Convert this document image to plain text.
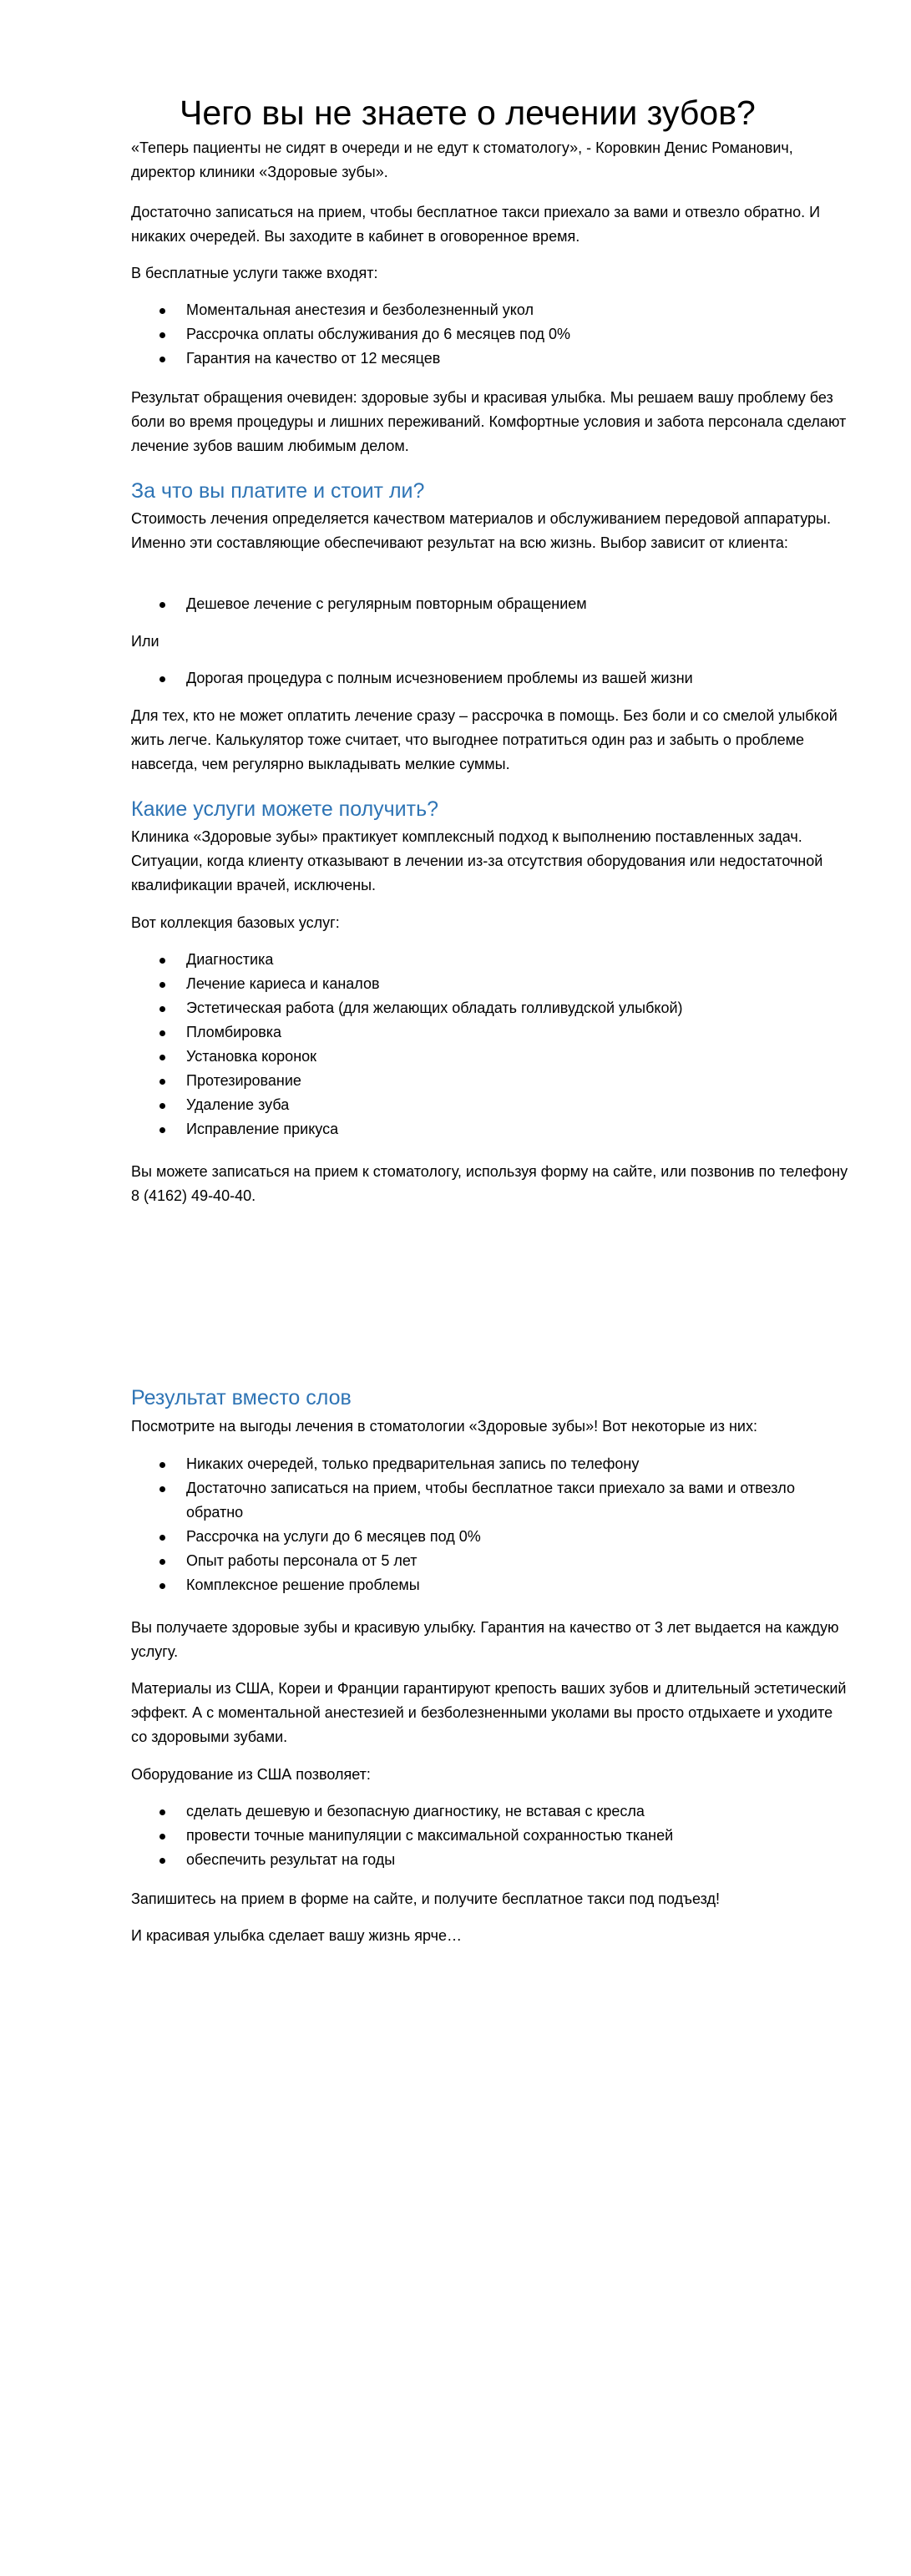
Чего вы не знаете о лечении зубов?

«Теперь пациенты не сидят в очереди и не едут к стоматологу», - Коровкин Денис Романович, директор клиники «Здоровые зубы».

Достаточно записаться на прием, чтобы бесплатное такси приехало за вами и отвезло обратно. И никаких очередей. Вы заходите в кабинет в оговоренное время.

В бесплатные услуги также входят:

Моментальная анестезия и безболезненный укол
Рассрочка оплаты обслуживания до 6 месяцев под 0%
Гарантия на качество от 12 месяцев

Результат обращения очевиден: здоровые зубы и красивая улыбка. Мы решаем вашу проблему без боли во время процедуры и лишних переживаний. Комфортные условия и забота персонала сделают лечение зубов вашим любимым делом.

За что вы платите и стоит ли?

Стоимость лечения определяется качеством материалов и обслуживанием передовой аппаратуры. Именно эти составляющие обеспечивают результат на всю жизнь. Выбор зависит от клиента:

Дешевое лечение с регулярным повторным обращением

Или

Дорогая процедура с полным исчезновением проблемы из вашей жизни

Для тех, кто не может оплатить лечение сразу – рассрочка в помощь. Без боли и со смелой улыбкой жить легче. Калькулятор тоже считает, что выгоднее потратиться один раз и забыть о проблеме навсегда, чем регулярно выкладывать мелкие суммы.

Какие услуги можете получить?

Клиника «Здоровые зубы» практикует комплексный подход к выполнению поставленных задач. Ситуации, когда клиенту отказывают в лечении из-за отсутствия оборудования или недостаточной квалификации врачей, исключены.

Вот коллекция базовых услуг:

Диагностика
Лечение кариеса и каналов
Эстетическая работа (для желающих обладать голливудской улыбкой)
Пломбировка
Установка коронок
Протезирование
Удаление зуба
Исправление прикуса

Вы можете записаться на прием к стоматологу, используя форму на сайте, или позвонив по телефону 8 (4162) 49-40-40.

Результат вместо слов

Посмотрите на выгоды лечения в стоматологии «Здоровые зубы»! Вот некоторые из них:

Никаких очередей, только предварительная запись по телефону
Достаточно записаться на прием, чтобы бесплатное такси приехало за вами и отвезло обратно
Рассрочка на услуги до 6 месяцев под 0%
Опыт работы персонала от 5 лет
Комплексное решение проблемы

Вы получаете здоровые зубы и красивую улыбку. Гарантия на качество от 3 лет выдается на каждую услугу.

Материалы из США, Кореи и Франции гарантируют крепость ваших зубов и длительный эстетический эффект. А с моментальной анестезией и безболезненными уколами вы просто отдыхаете и уходите со здоровыми зубами.

Оборудование из США позволяет:

сделать дешевую и безопасную диагностику, не вставая с кресла
провести точные манипуляции с максимальной сохранностью тканей
обеспечить результат на годы

Запишитесь на прием в форме на сайте, и получите бесплатное такси под подъезд!

И красивая улыбка сделает вашу жизнь ярче…
